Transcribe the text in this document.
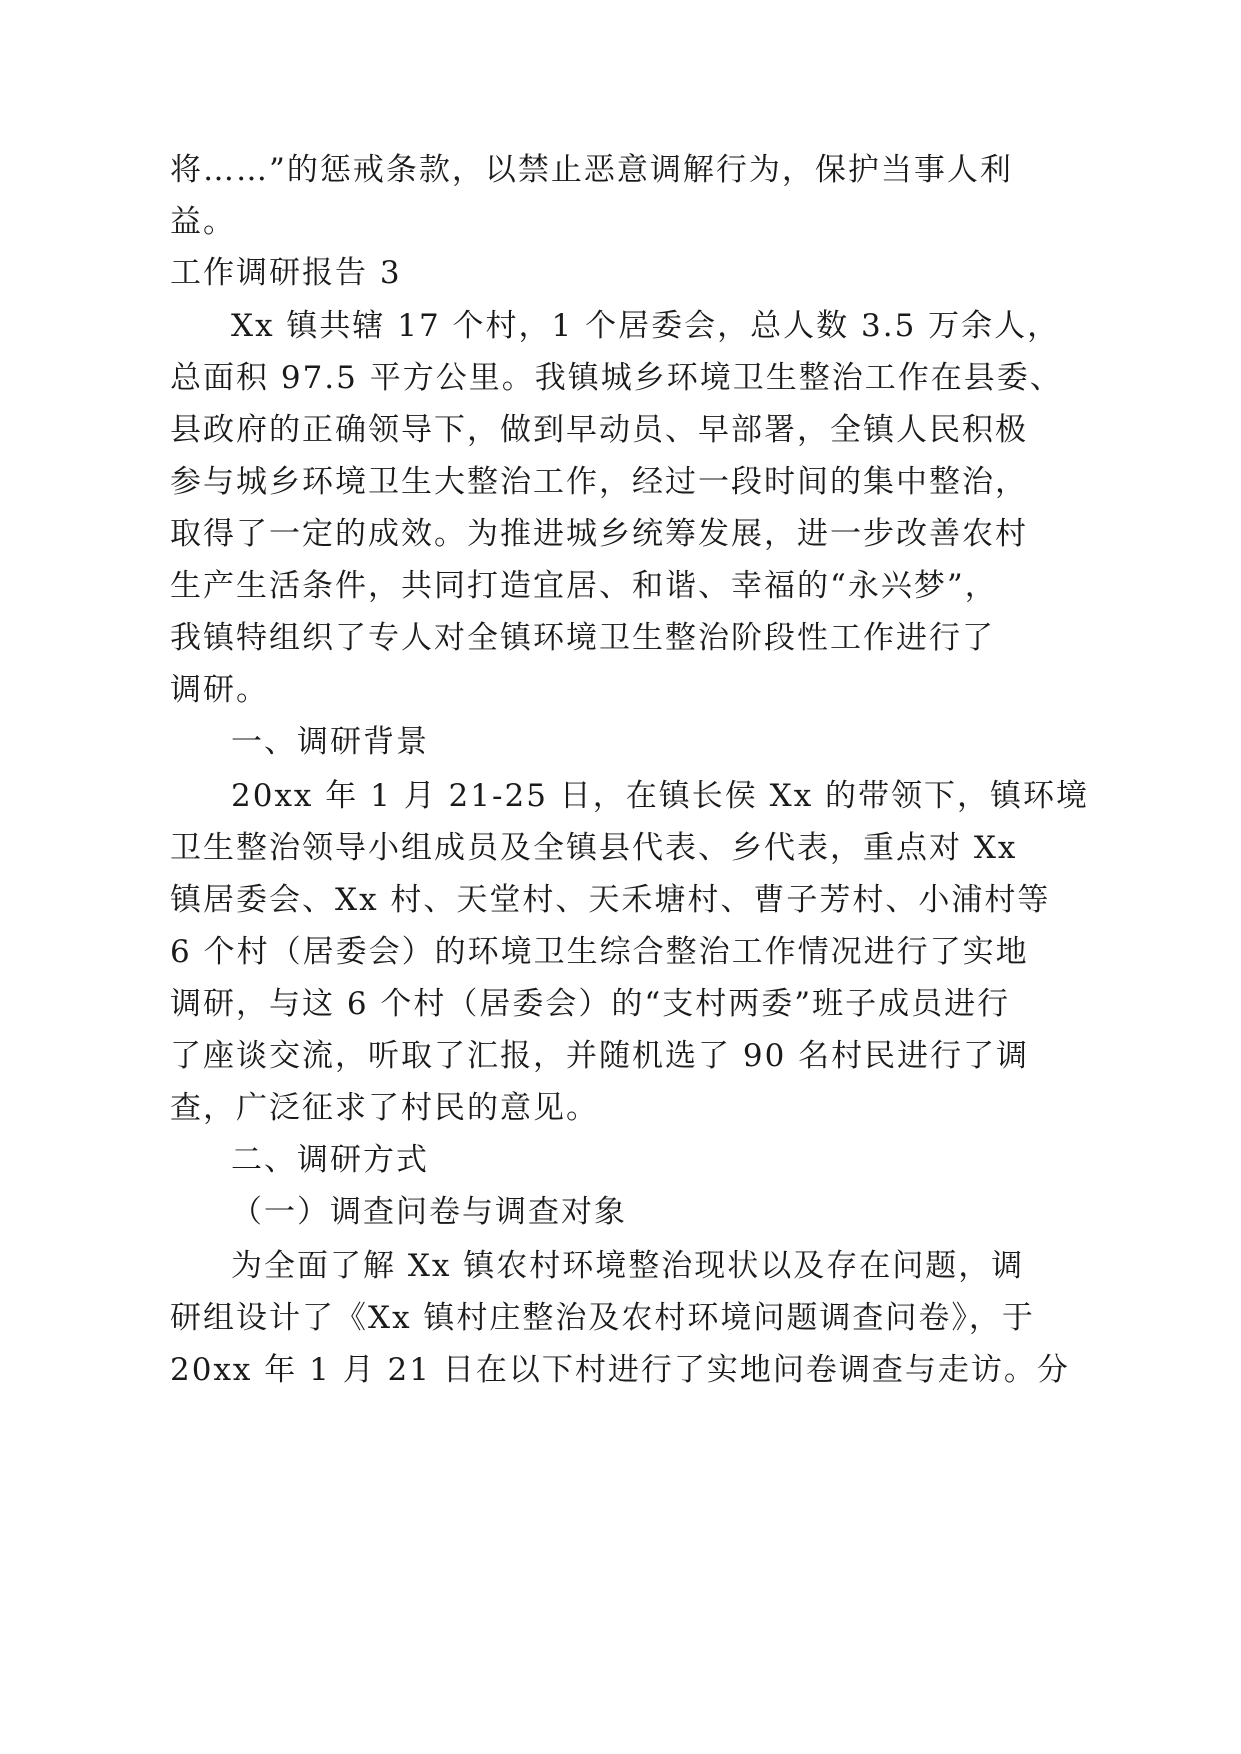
将……”的惩戒条款，以禁止恶意调解行为，保护当事人利
益。
工作调研报告 3
Xx 镇共辖 17 个村，1 个居委会，总人数 3.5 万余人，
总面积 97.5 平方公里。我镇城乡环境卫生整治工作在县委、
县政府的正确领导下，做到早动员、早部署，全镇人民积极
参与城乡环境卫生大整治工作，经过一段时间的集中整治，
取得了一定的成效。为推进城乡统筹发展，进一步改善农村
生产生活条件，共同打造宜居、和谐、幸福的“永兴梦”，
我镇特组织了专人对全镇环境卫生整治阶段性工作进行了
调研。
一、调研背景
20xx 年 1 月 21-25 日，在镇长侯 Xx 的带领下，镇环境
卫生整治领导小组成员及全镇县代表、乡代表，重点对 Xx
镇居委会、Xx 村、天堂村、天禾塘村、曹子芳村、小浦村等
6 个村（居委会）的环境卫生综合整治工作情况进行了实地
调研，与这 6 个村（居委会）的“支村两委”班子成员进行
了座谈交流，听取了汇报，并随机选了 90 名村民进行了调
查，广泛征求了村民的意见。
二、调研方式
（一）调查问卷与调查对象
为全面了解 Xx 镇农村环境整治现状以及存在问题，调
研组设计了《Xx 镇村庄整治及农村环境问题调查问卷》，于
20xx 年 1 月 21 日在以下村进行了实地问卷调查与走访。分
